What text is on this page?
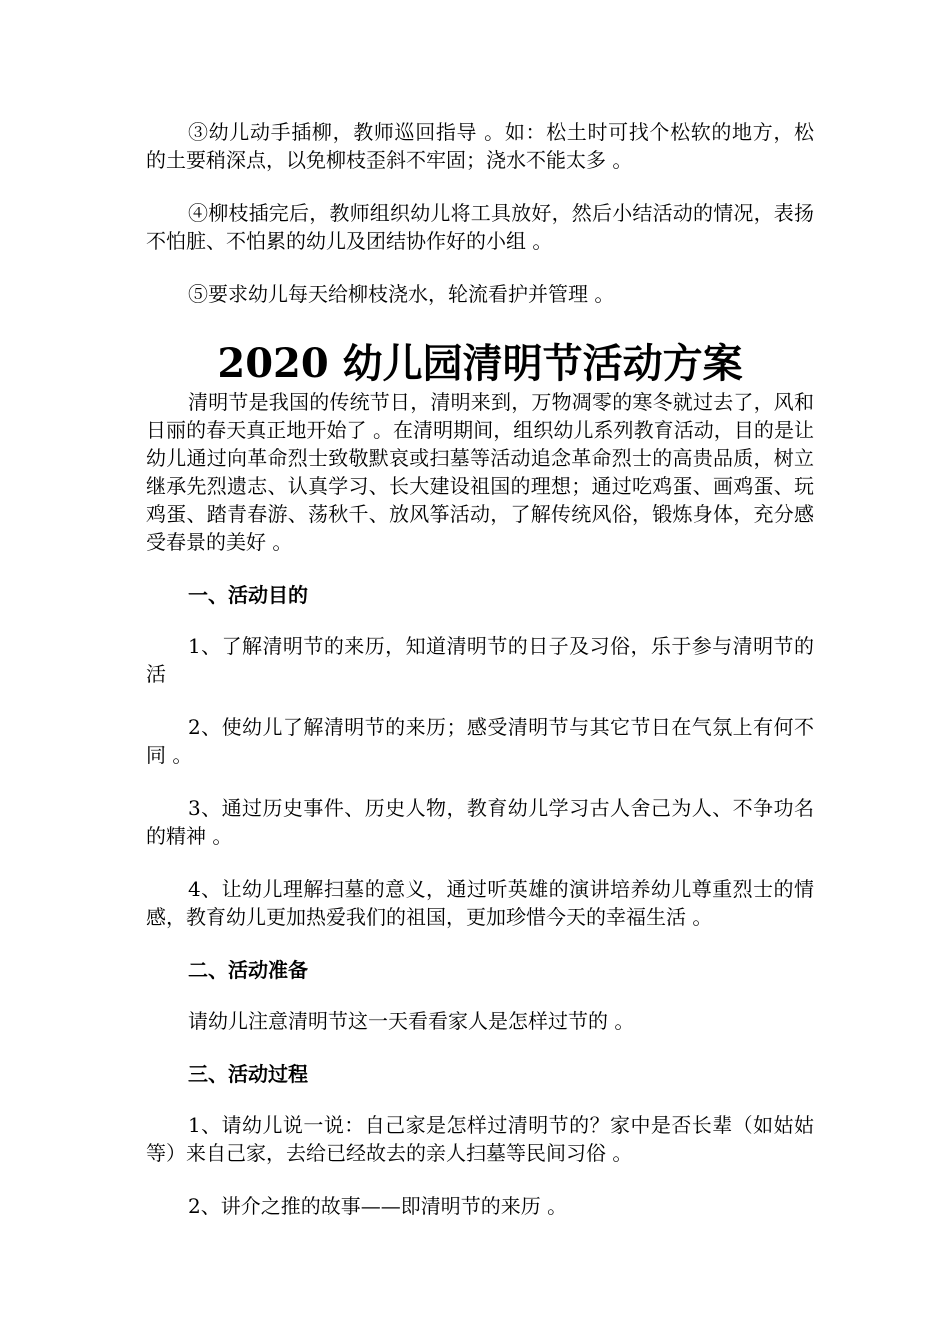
③幼儿动手插柳，教师巡回指导 。如：松土时可找个松软的地方，松的土要稍深点，以免柳枝歪斜不牢固；浇水不能太多 。

④柳枝插完后，教师组织幼儿将工具放好，然后小结活动的情况，表扬不怕脏、不怕累的幼儿及团结协作好的小组 。

⑤要求幼儿每天给柳枝浇水，轮流看护并管理 。

2020 幼儿园清明节活动方案

清明节是我国的传统节日，清明来到，万物凋零的寒冬就过去了，风和日丽的春天真正地开始了 。在清明期间，组织幼儿系列教育活动，目的是让幼儿通过向革命烈士致敬默哀或扫墓等活动追念革命烈士的高贵品质，树立继承先烈遗志、认真学习、长大建设祖国的理想；通过吃鸡蛋、画鸡蛋、玩鸡蛋、踏青春游、荡秋千、放风筝活动，了解传统风俗，锻炼身体，充分感受春景的美好 。

一、活动目的

1、了解清明节的来历，知道清明节的日子及习俗，乐于参与清明节的活

2、使幼儿了解清明节的来历；感受清明节与其它节日在气氛上有何不同 。

3、通过历史事件、历史人物，教育幼儿学习古人舍己为人、不争功名的精神 。

4、让幼儿理解扫墓的意义，通过听英雄的演讲培养幼儿尊重烈士的情感，教育幼儿更加热爱我们的祖国，更加珍惜今天的幸福生活 。

二、活动准备

请幼儿注意清明节这一天看看家人是怎样过节的 。

三、活动过程

1、请幼儿说一说：自己家是怎样过清明节的？家中是否长辈（如姑姑等）来自己家，去给已经故去的亲人扫墓等民间习俗 。

2、讲介之推的故事——即清明节的来历 。
